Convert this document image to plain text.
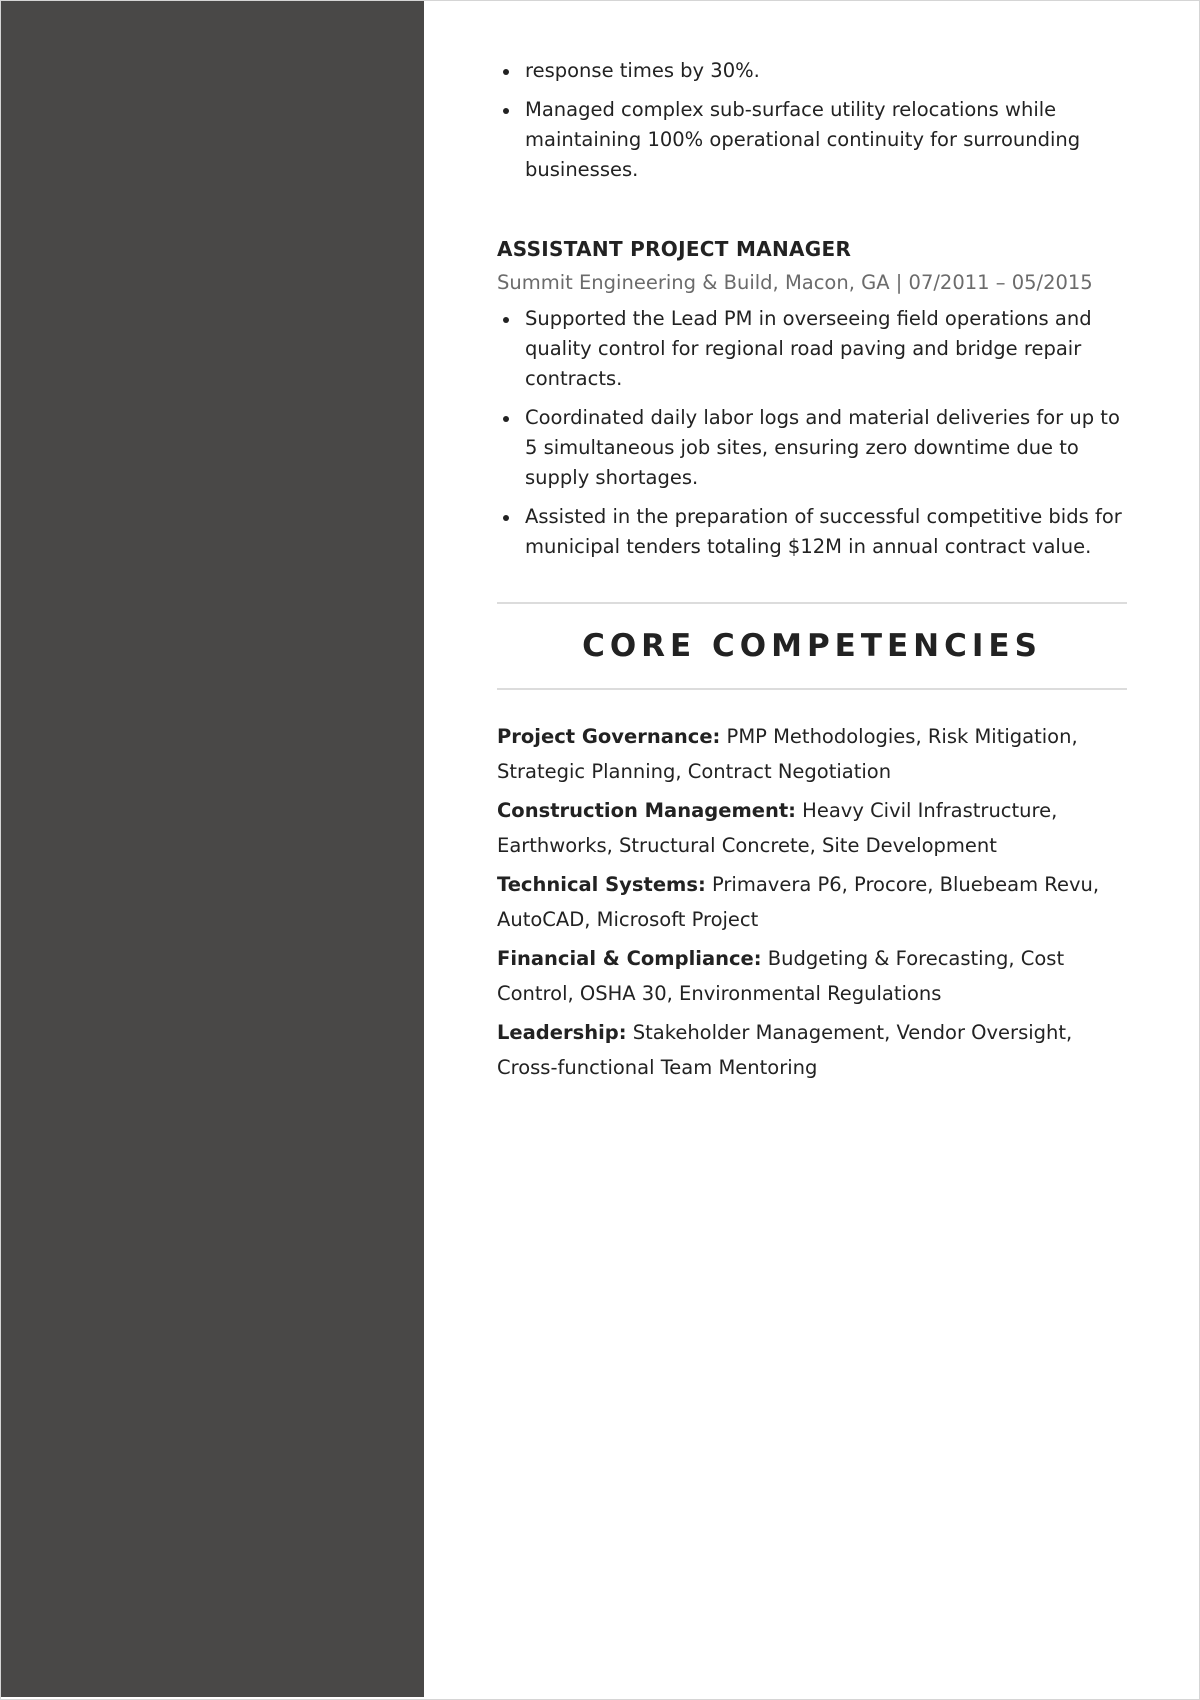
response times by 30%.
Managed complex sub-surface utility relocations while maintaining 100% operational continuity for surrounding businesses.
ASSISTANT PROJECT MANAGER
Summit Engineering & Build, Macon, GA | 07/2011 – 05/2015
Supported the Lead PM in overseeing field operations and quality control for regional road paving and bridge repair contracts.
Coordinated daily labor logs and material deliveries for up to 5 simultaneous job sites, ensuring zero downtime due to supply shortages.
Assisted in the preparation of successful competitive bids for municipal tenders totaling $12M in annual contract value.
CORE COMPETENCIES
Project Governance: PMP Methodologies, Risk Mitigation, Strategic Planning, Contract Negotiation
Construction Management: Heavy Civil Infrastructure, Earthworks, Structural Concrete, Site Development
Technical Systems: Primavera P6, Procore, Bluebeam Revu, AutoCAD, Microsoft Project
Financial & Compliance: Budgeting & Forecasting, Cost Control, OSHA 30, Environmental Regulations
Leadership: Stakeholder Management, Vendor Oversight, Cross-functional Team Mentoring
